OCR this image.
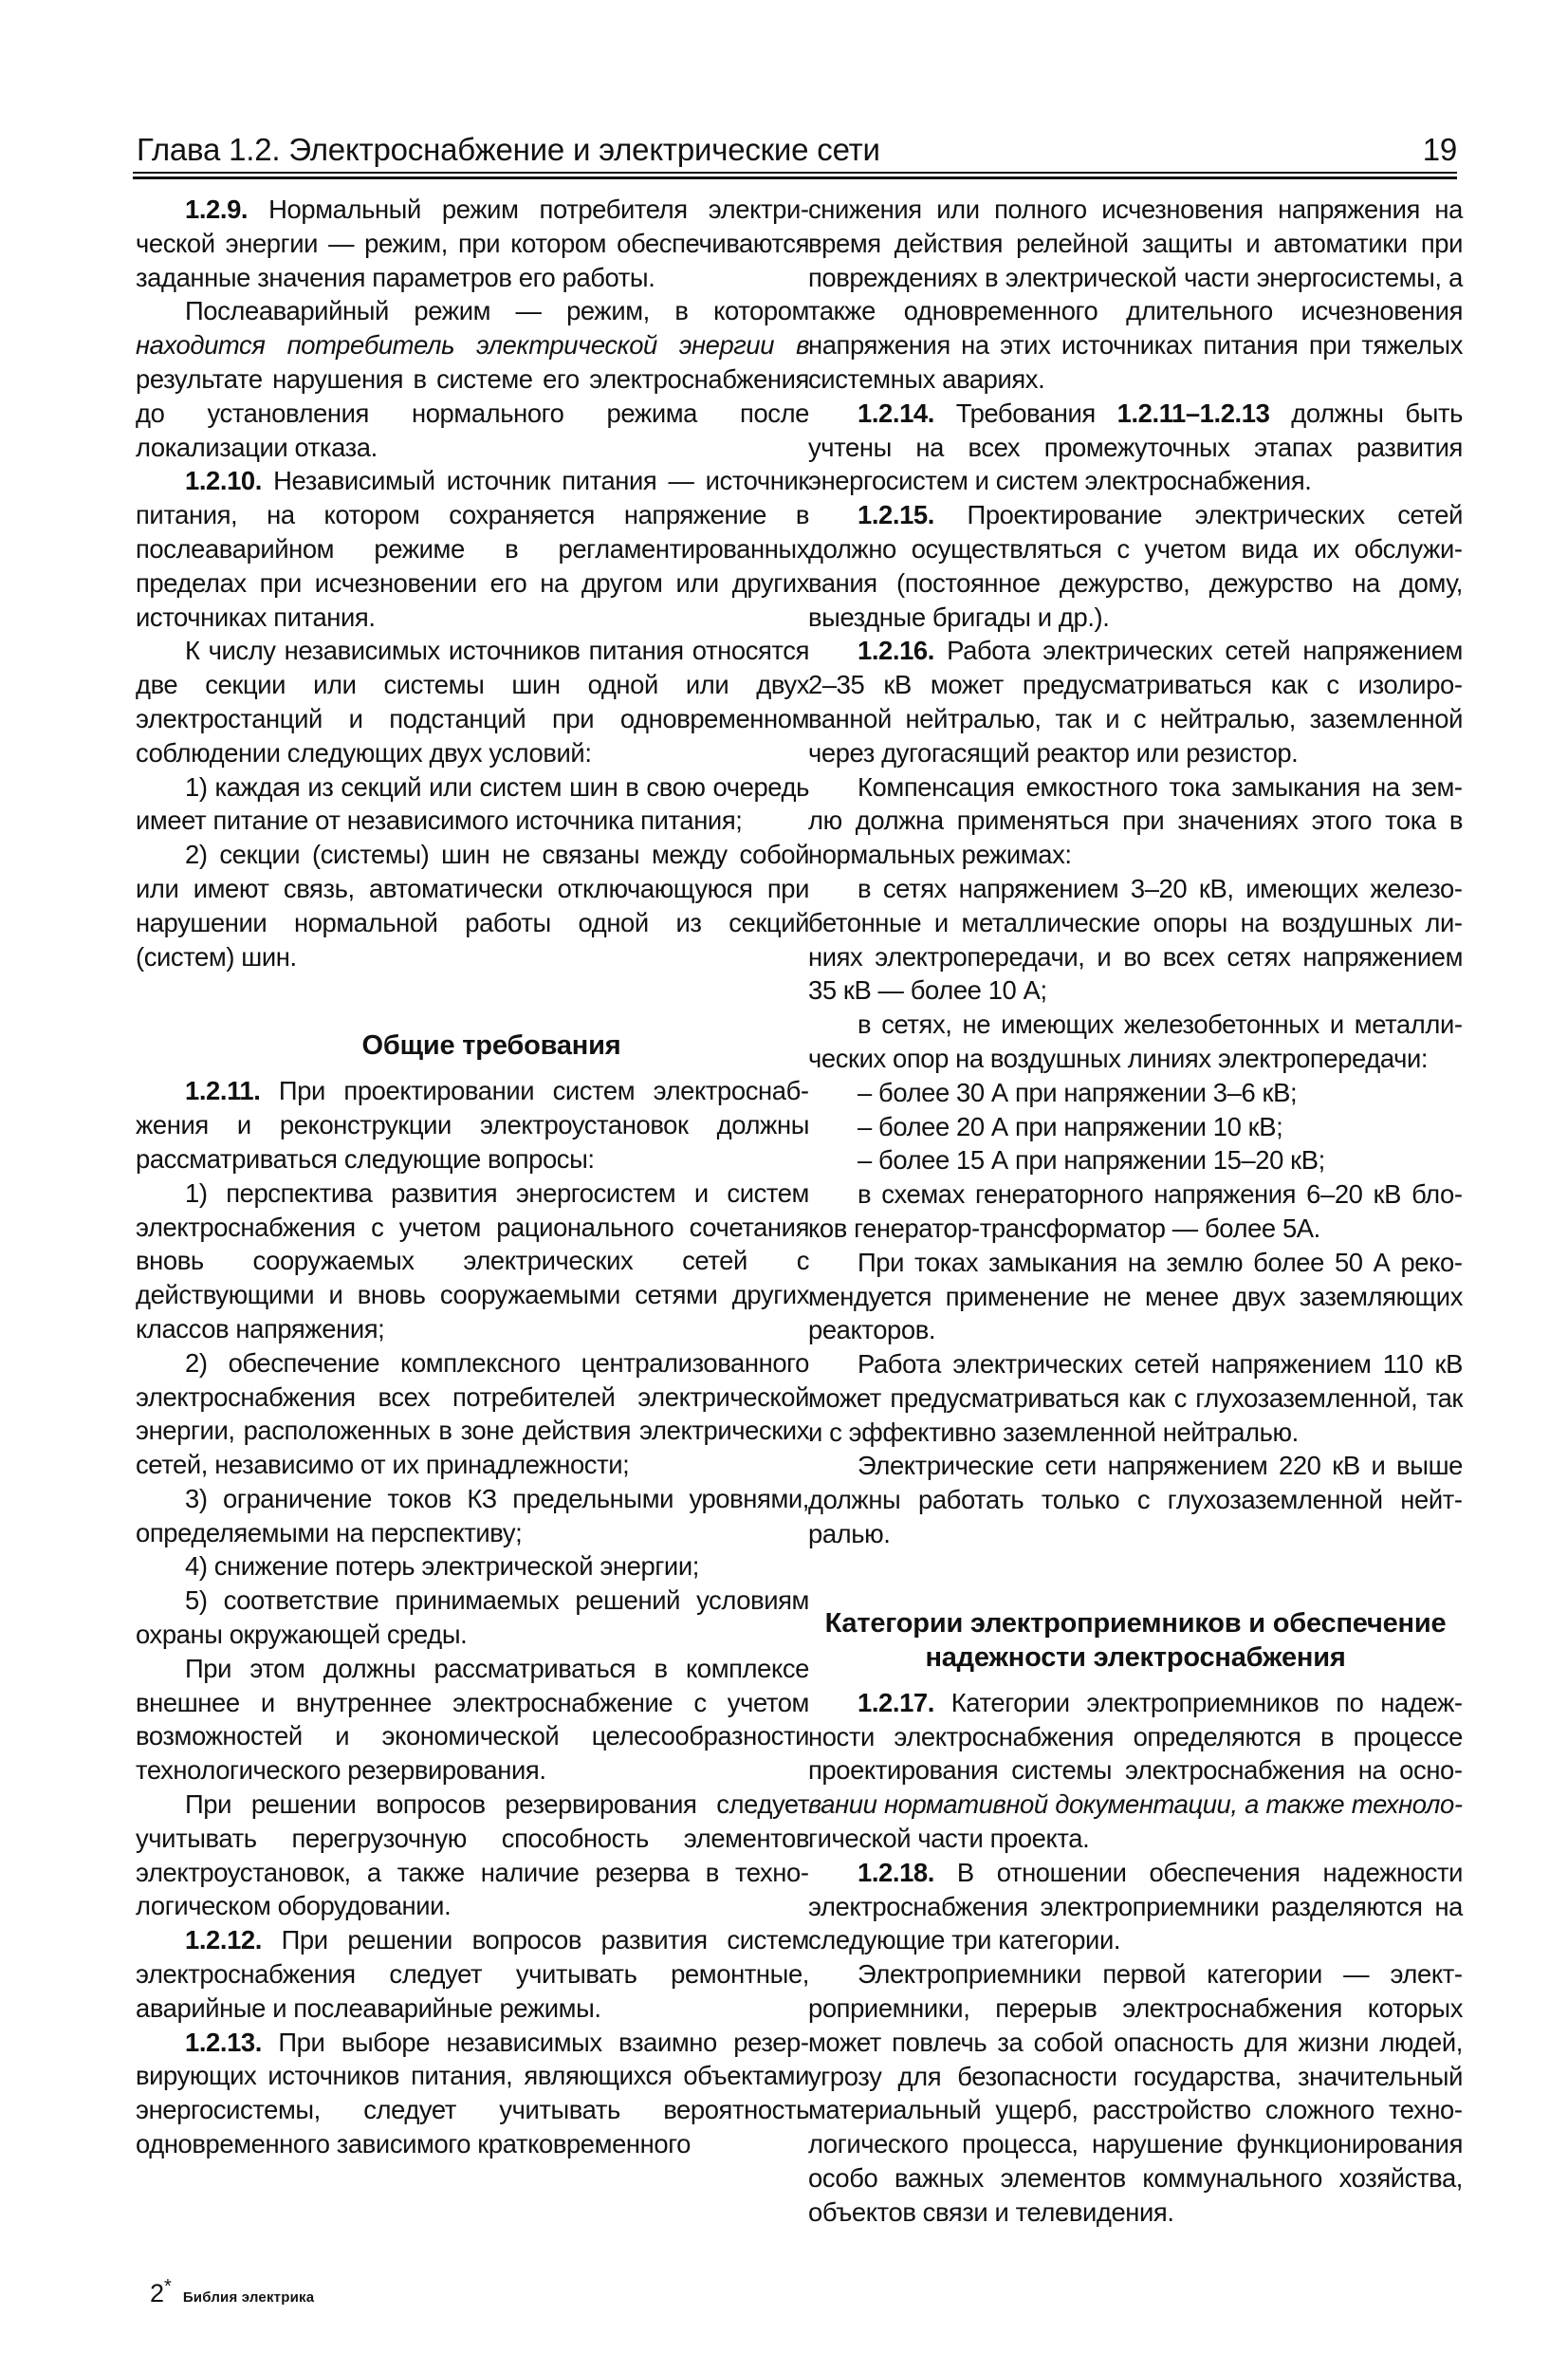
Глава 1.2. Электроснабжение и электрические сети	19

1.2.9. Нормальный режим потребителя электрической энергии — режим, при котором обеспечиваются заданные значения параметров его работы.

Послеаварийный режим — режим, в котором находится потребитель электрической энергии в результате нарушения в системе его электроснабжения до установления нормального режима после локализации отказа.

1.2.10. Независимый источник питания — источник питания, на котором сохраняется напряжение в послеаварийном режиме в регламентированных пределах при исчезновении его на другом или других источниках питания.

К числу независимых источников питания относятся две секции или системы шин одной или двух электростанций и подстанций при одновременном соблюдении следующих двух условий:

1) каждая из секций или систем шин в свою очередь имеет питание от независимого источника питания;

2) секции (системы) шин не связаны между собой или имеют связь, автоматически отключающуюся при нарушении нормальной работы одной из секций (систем) шин.

Общие требования

1.2.11. При проектировании систем электроснабжения и реконструкции электроустановок должны рассматриваться следующие вопросы:

1) перспектива развития энергосистем и систем электроснабжения с учетом рационального сочетания вновь сооружаемых электрических сетей с действующими и вновь сооружаемыми сетями других классов напряжения;

2) обеспечение комплексного централизованного электроснабжения всех потребителей электрической энергии, расположенных в зоне действия электрических сетей, независимо от их принадлежности;

3) ограничение токов КЗ предельными уровнями, определяемыми на перспективу;

4) снижение потерь электрической энергии;

5) соответствие принимаемых решений условиям охраны окружающей среды.

При этом должны рассматриваться в комплексе внешнее и внутреннее электроснабжение с учетом возможностей и экономической целесообразности технологического резервирования.

При решении вопросов резервирования следует учитывать перегрузочную способность элементов электроустановок, а также наличие резерва в технологическом оборудовании.

1.2.12. При решении вопросов развития систем электроснабжения следует учитывать ремонтные, аварийные и послеаварийные режимы.

1.2.13. При выборе независимых взаимно резервирующих источников питания, являющихся объектами энергосистемы, следует учитывать вероятность одновременного зависимого кратковременного

снижения или полного исчезновения напряжения на время действия релейной защиты и автоматики при повреждениях в электрической части энергосистемы, а также одновременного длительного исчезновения напряжения на этих источниках питания при тяжелых системных авариях.

1.2.14. Требования 1.2.11–1.2.13 должны быть учтены на всех промежуточных этапах развития энергосистем и систем электроснабжения.

1.2.15. Проектирование электрических сетей должно осуществляться с учетом вида их обслуживания (постоянное дежурство, дежурство на дому, выездные бригады и др.).

1.2.16. Работа электрических сетей напряжением 2–35 кВ может предусматриваться как с изолированной нейтралью, так и с нейтралью, заземленной через дугогасящий реактор или резистор.

Компенсация емкостного тока замыкания на землю должна применяться при значениях этого тока в нормальных режимах:

в сетях напряжением 3–20 кВ, имеющих железобетонные и металлические опоры на воздушных линиях электропередачи, и во всех сетях напряжением 35 кВ — более 10 А;

в сетях, не имеющих железобетонных и металлических опор на воздушных линиях электропередачи:

– более 30 А при напряжении 3–6 кВ;

– более 20 А при напряжении 10 кВ;

– более 15 А при напряжении 15–20 кВ;

в схемах генераторного напряжения 6–20 кВ блоков генератор-трансформатор — более 5А.

При токах замыкания на землю более 50 А рекомендуется применение не менее двух заземляющих реакторов.

Работа электрических сетей напряжением 110 кВ может предусматриваться как с глухозаземленной, так и с эффективно заземленной нейтралью.

Электрические сети напряжением 220 кВ и выше должны работать только с глухозаземленной нейтралью.

Категории электроприемников и обеспечение
надежности электроснабжения

1.2.17. Категории электроприемников по надежности электроснабжения определяются в процессе проектирования системы электроснабжения на основании нормативной документации, а также технологической части проекта.

1.2.18. В отношении обеспечения надежности электроснабжения электроприемники разделяются на следующие три категории.

Электроприемники первой категории — электроприемники, перерыв электроснабжения которых может повлечь за собой опасность для жизни людей, угрозу для безопасности государства, значительный материальный ущерб, расстройство сложного технологического процесса, нарушение функционирования особо важных элементов коммунального хозяйства, объектов связи и телевидения.

2*Библия электрика
